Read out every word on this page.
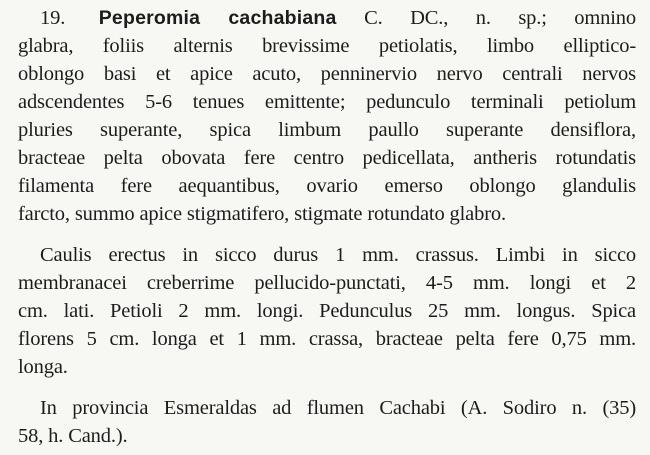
19. Peperomia cachabiana C. DC., n. sp.; omnino
glabra, foliis alternis brevissime petiolatis, limbo elliptico-
oblongo basi et apice acuto, penninervio nervo centrali nervos
adscendentes 5-6 tenues emittente; pedunculo terminali petiolum
pluries superante, spica limbum paullo superante densiflora,
bracteae pelta obovata fere centro pedicellata, antheris rotundatis
filamenta fere aequantibus, ovario emerso oblongo glandulis
farcto, summo apice stigmatifero, stigmate rotundato glabro.
Caulis erectus in sicco durus 1 mm. crassus. Limbi in sicco
membranacei creberrime pellucido-punctati, 4-5 mm. longi et 2
cm. lati. Petioli 2 mm. longi. Pedunculus 25 mm. longus. Spica
florens 5 cm. longa et 1 mm. crassa, bracteae pelta fere 0,75 mm.
longa.
In provincia Esmeraldas ad flumen Cachabi (A. Sodiro n. (35)
58, h. Cand.).
